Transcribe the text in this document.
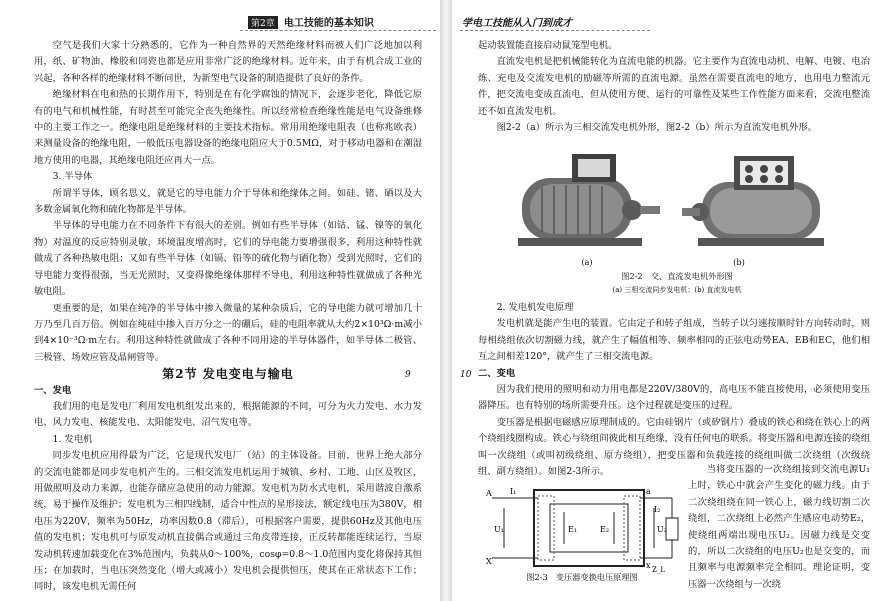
第2章 电工技能的基本知识

空气是我们大家十分熟悉的，它作为一种自然界的天然绝缘材料而被人们广泛地加以利用，纸、矿物油、橡胶和同瓷也都是应用非常广泛的绝缘材料。近年来，由于有机合成工业的兴起，各种各样的绝缘材料不断问世，为新型电气设备的制造提供了良好的条件。

绝缘材料在电和热的长期作用下，特别是在有化学腐蚀的情况下，会逐步老化，降低它原有的电气和机械性能，有时甚至可能完全丧失绝缘性。所以经常检查绝缘性能是电气设备维修中的主要工作之一。绝缘电阻是绝缘材料的主要技术指标。常用用绝缘电阻表（也称兆欧表）来测量设备的绝缘电阻，一般低压电器设备的绝缘电阻应大于0.5MΩ，对于移动电器和在潮湿地方使用的电器，其绝缘电阻还应再大一点。

3. 半导体

所谓半导体，顾名思义，就是它的导电能力介于导体和绝缘体之间。如硅、锗、硒以及大多数金属氧化物和硫化物都是半导体。

半导体的导电能力在不同条件下有很大的差别。例如有些半导体（如钴、锰、镍等的氧化物）对温度的反应特别灵敏，环境温度增高时，它们的导电能力要增强很多，利用这种特性就做成了各种热敏电阻；又如有些半导体（如镉、铅等的硫化物与硒化物）受到光照时，它们的导电能力变得很强，当无光照时，又变得像绝缘体那样不导电，利用这种特性就做成了各种光敏电阻。

更重要的是，如果在纯净的半导体中掺入微量的某种杂质后，它的导电能力就可增加几十万乃至几百万倍。例如在纯硅中掺入百万分之一的硼后，硅的电阻率就从大约2×10³Ω·m减小到4×10⁻³Ω·m左右。利用这种特性就做成了各种不同用途的半导体器件，如半导体二极管、三极管、场效应管及晶闸管等。

第2节 发电变电与输电

一、发电

我们用的电是发电厂利用发电机组发出来的，根据能源的不同，可分为火力发电、水力发电、风力发电、核能发电、太阳能发电、沼气发电等。

1. 发电机

同步发电机应用得最为广泛，它是现代发电厂（站）的主体设备。目前，世界上绝大部分的交流电能都是同步发电机产生的。三相交流发电机运用于城镇、乡村、工地、山区及牧区，用做照明及动力来源，也能存储应急使用的动力能源。发电机为防水式电机，采用谐波自激系统，易于操作及维护；发电机为三相四线制，适合中性点的星形接法，额定线电压为380V，相电压为220V，频率为50Hz，功率因数0.8（滞后），可根据客户需要，提供60Hz及其他电压值的发电机；发电机可与原发动机直接偶合或通过三角皮带连接，正反转都能连续运行，当原发动机转速加载变化在3%范围内，负载从0～100%，cosφ=0.8～1.0范围内变化将保持其恒压；在加载时，当电压突然变化（增大或减小）发电机会提供恒压，使其在正常状态下工作；同时，该发电机无需任何

9
学电工技能从入门到成才

起动装置能直接启动鼠笼型电机。

直流发电机是把机械能转化为直流电能的机器。它主要作为直流电动机、电解、电镀、电冶炼、充电及交流发电机的励磁等所需的直流电源。虽然在需要直流电的地方，也用电力整流元件，把交流电变成直流电，但从使用方便、运行的可靠性及某些工作性能方面来看，交流电整流还不如直流发电机。

图2-2（a）所示为三相交流发电机外形，图2-2（b）所示为直流发电机外形。

(a)	(b)
图2-2　交、直流发电机外形图
(a) 三相交流同步发电机；(b) 直流发电机

2. 发电机发电原理

发电机就是能产生电的装置。它由定子和转子组成，当转子以匀速按顺时针方向转动时，则每相绕组依次切割磁力线，就产生了幅值相等、频率相同的正弦电动势EA、EB和EC，他们相互之间相差120°，就产生了三相交流电源。

二、变电

因为我们使用的照明和动力用电都是220V/380V的，高电压不能直接使用，必须使用变压器降压。也有特别的场所需要升压。这个过程就是变压的过程。

变压器是根据电磁感应原理制成的。它由硅钢片（或矽钢片）叠成的铁心和绕在铁心上的两个绕组线圈构成。铁心与绕组间彼此相互绝缘，没有任何电的联系。将变压器和电源连接的绕组叫一次绕组（或叫初级绕组、原方绕组），把变压器和负载连接的绕组叫做二次绕组（次级绕组、副方绕组）。如图2-3所示。

A
X
U₁
I₁
E₁	E₂
a
x
U₂
I₂
Z_L
图2-3　变压器变换电压原理图

当将变压器的一次绕组接到交流电源U₁上时，铁心中就会产生变化的磁力线。由于二次绕组绕在同一铁心上，磁力线切割二次绕组，二次绕组上必然产生感应电动势E₂，使绕组两端出现电压U₂。因磁力线是交变的，所以二次绕组的电压U₂也是交变的，而且频率与电源频率完全相同。理论证明，变压器一次绕组与一次绕

10
